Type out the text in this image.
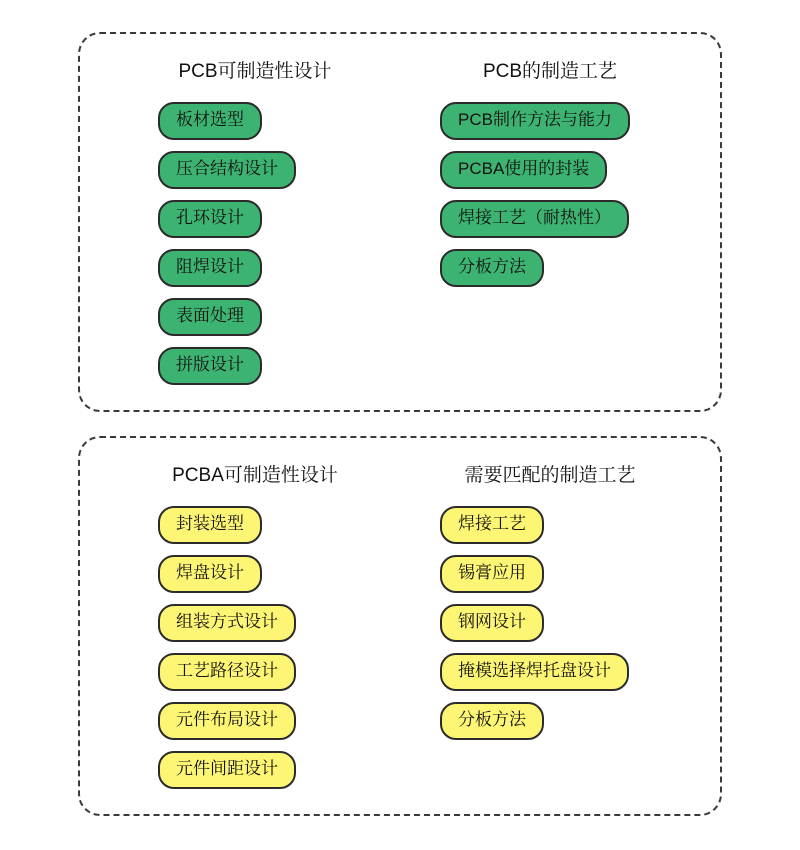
PCB可制造性设计
板材选型
压合结构设计
孔环设计
阻焊设计
表面处理
拼版设计
PCB的制造工艺
PCB制作方法与能力
PCBA使用的封装
焊接工艺（耐热性）
分板方法
PCBA可制造性设计
封装选型
焊盘设计
组装方式设计
工艺路径设计
元件布局设计
元件间距设计
需要匹配的制造工艺
焊接工艺
锡膏应用
钢网设计
掩模选择焊托盘设计
分板方法
